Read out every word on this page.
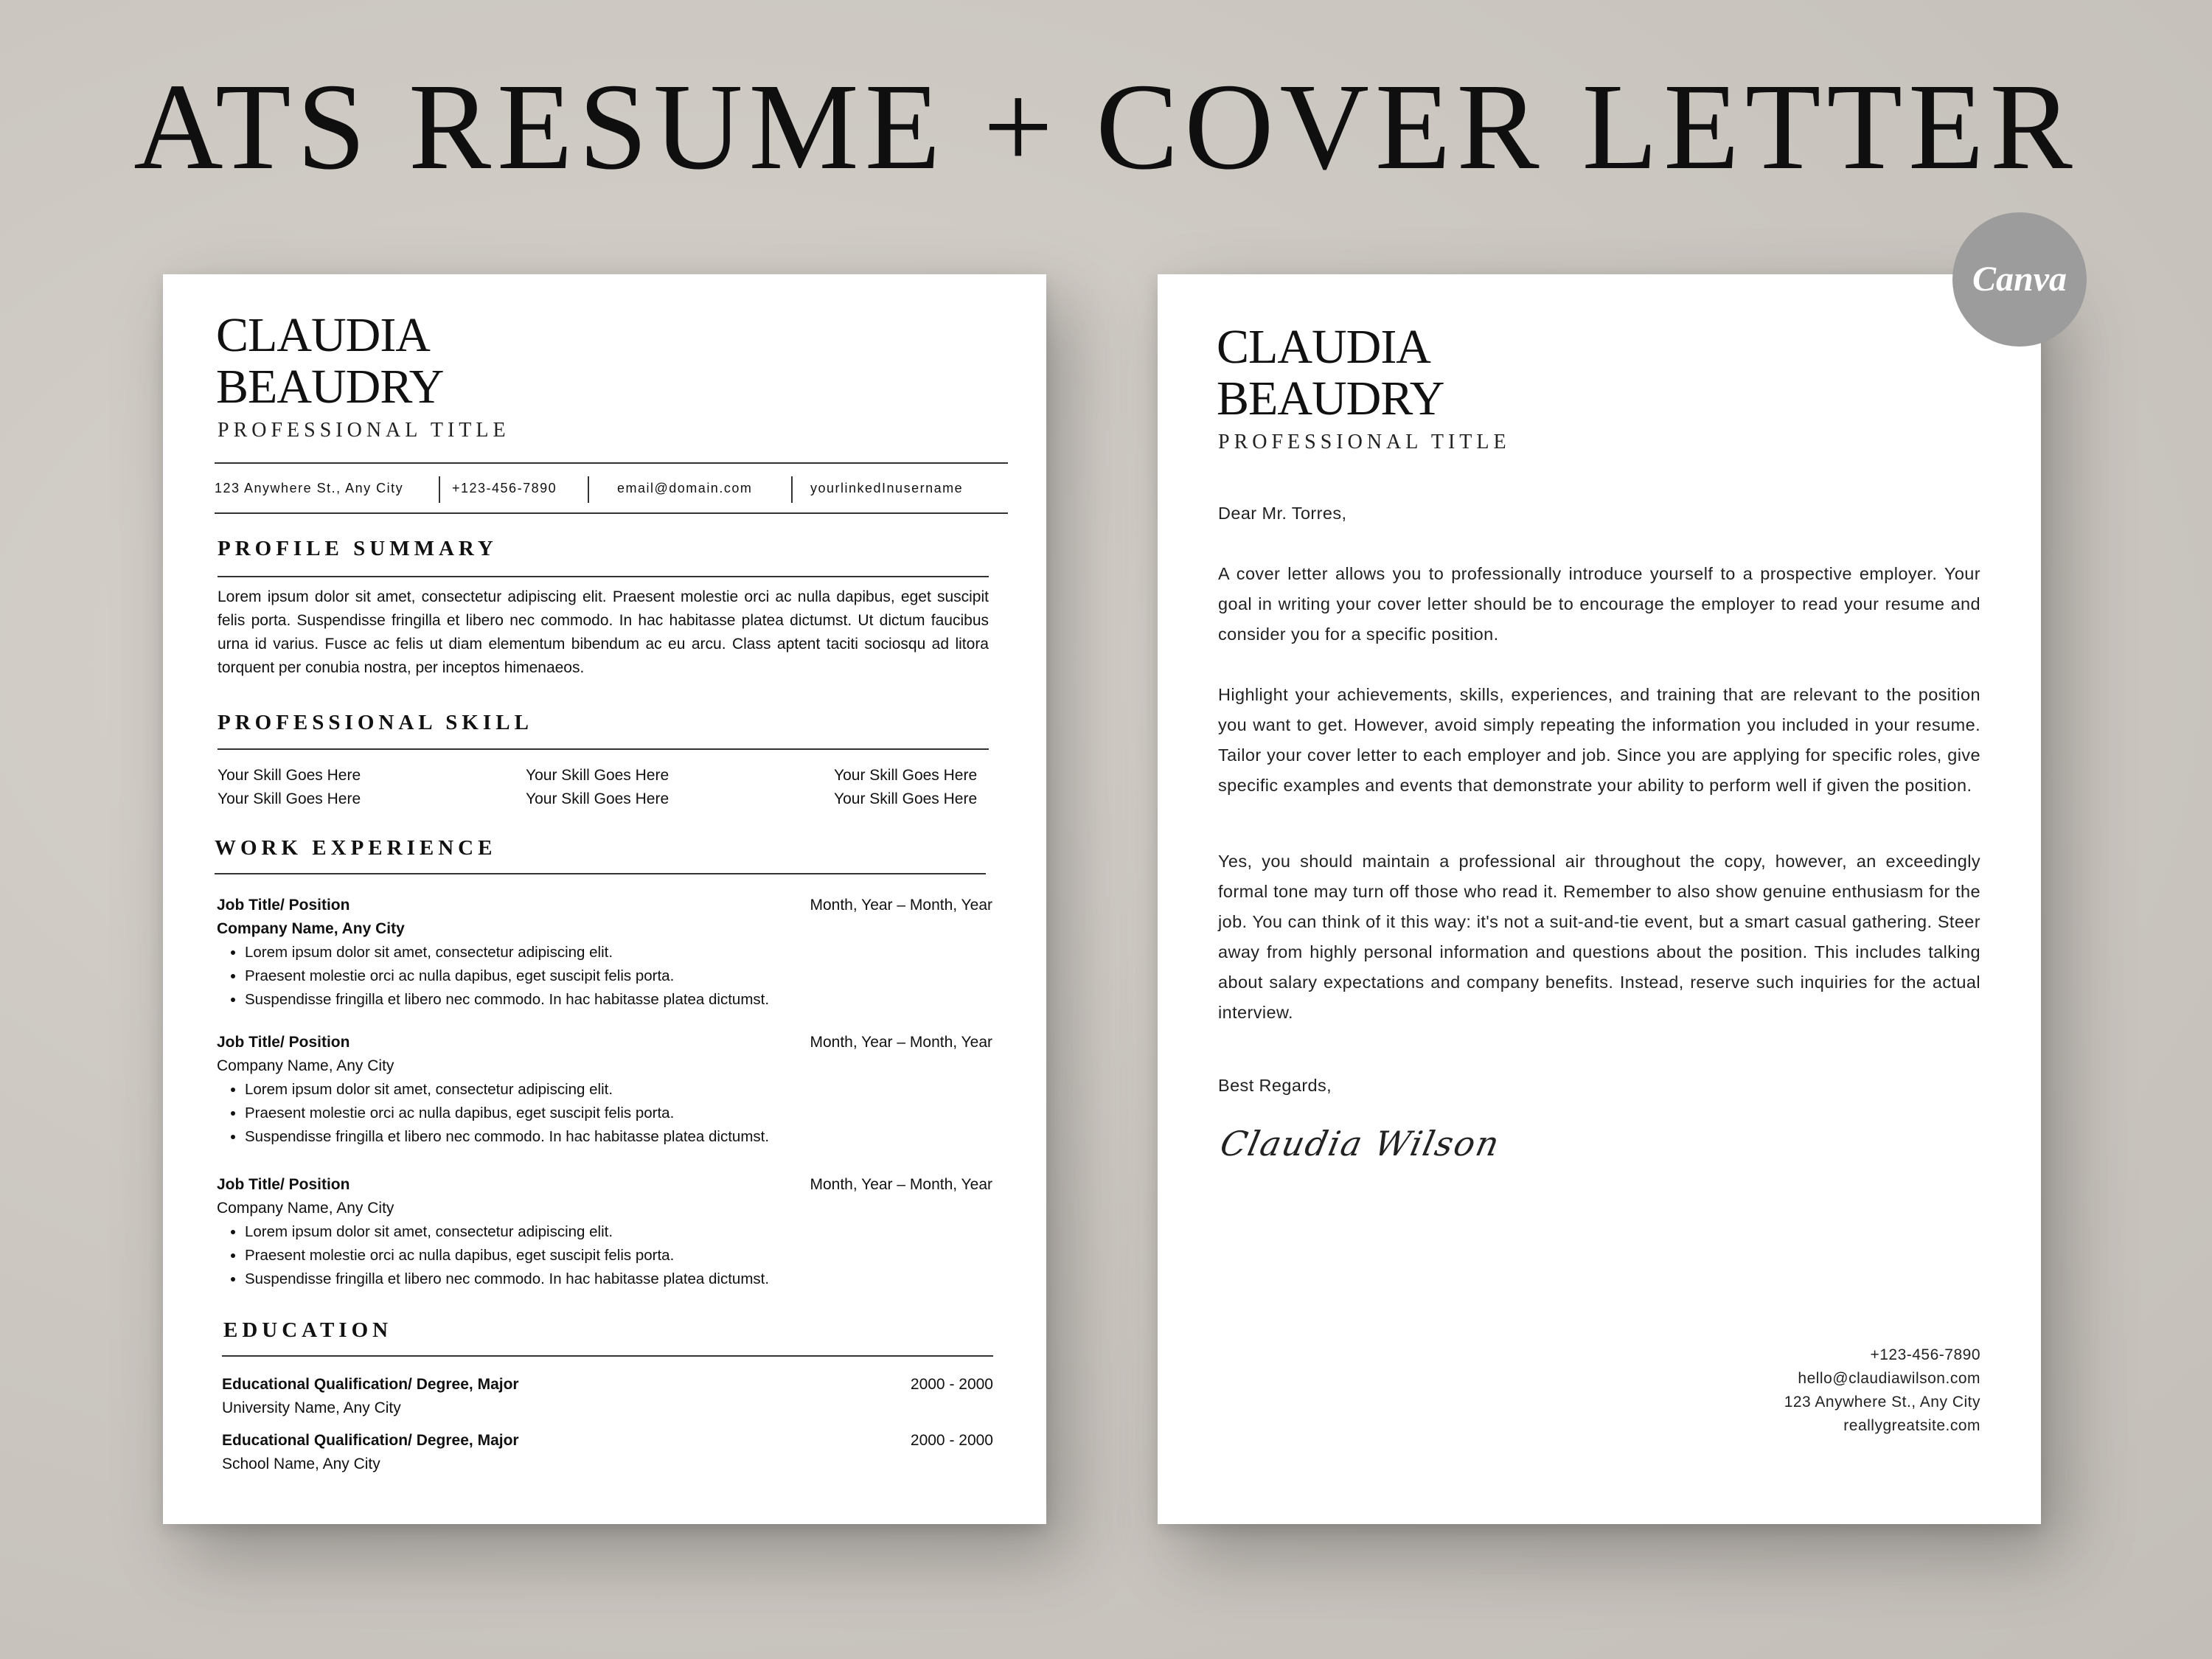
ATS RESUME + COVER LETTER
CLAUDIA
BEAUDRY
PROFESSIONAL TITLE
123 Anywhere St., Any City	+123-456-7890	email@domain.com	yourlinkedInusername
PROFILE SUMMARY
Lorem ipsum dolor sit amet, consectetur adipiscing elit. Praesent molestie orci ac nulla dapibus, eget suscipit felis porta. Suspendisse fringilla et libero nec commodo. In hac habitasse platea dictumst. Ut dictum faucibus urna id varius. Fusce ac felis ut diam elementum bibendum ac eu arcu. Class aptent taciti sociosqu ad litora torquent per conubia nostra, per inceptos himenaeos.
PROFESSIONAL SKILL
Your Skill Goes Here	Your Skill Goes Here	Your Skill Goes Here
Your Skill Goes Here	Your Skill Goes Here	Your Skill Goes Here
WORK EXPERIENCE
Job Title/ Position	Month, Year – Month, Year
Company Name, Any City
• Lorem ipsum dolor sit amet, consectetur adipiscing elit.
• Praesent molestie orci ac nulla dapibus, eget suscipit felis porta.
• Suspendisse fringilla et libero nec commodo. In hac habitasse platea dictumst.
Job Title/ Position	Month, Year – Month, Year
Company Name, Any City
• Lorem ipsum dolor sit amet, consectetur adipiscing elit.
• Praesent molestie orci ac nulla dapibus, eget suscipit felis porta.
• Suspendisse fringilla et libero nec commodo. In hac habitasse platea dictumst.
Job Title/ Position	Month, Year – Month, Year
Company Name, Any City
• Lorem ipsum dolor sit amet, consectetur adipiscing elit.
• Praesent molestie orci ac nulla dapibus, eget suscipit felis porta.
• Suspendisse fringilla et libero nec commodo. In hac habitasse platea dictumst.
EDUCATION
Educational Qualification/ Degree, Major	2000 - 2000
University Name, Any City
Educational Qualification/ Degree, Major	2000 - 2000
School Name, Any City
CLAUDIA
BEAUDRY
PROFESSIONAL TITLE
Dear Mr. Torres,
A cover letter allows you to professionally introduce yourself to a prospective employer. Your goal in writing your cover letter should be to encourage the employer to read your resume and consider you for a specific position.
Highlight your achievements, skills, experiences, and training that are relevant to the position you want to get. However, avoid simply repeating the information you included in your resume. Tailor your cover letter to each employer and job. Since you are applying for specific roles, give specific examples and events that demonstrate your ability to perform well if given the position.
Yes, you should maintain a professional air throughout the copy, however, an exceedingly formal tone may turn off those who read it. Remember to also show genuine enthusiasm for the job. You can think of it this way: it's not a suit-and-tie event, but a smart casual gathering. Steer away from highly personal information and questions about the position. This includes talking about salary expectations and company benefits. Instead, reserve such inquiries for the actual interview.
Best Regards,
Claudia Wilson
+123-456-7890
hello@claudiawilson.com
123 Anywhere St., Any City
reallygreatsite.com
Canva
